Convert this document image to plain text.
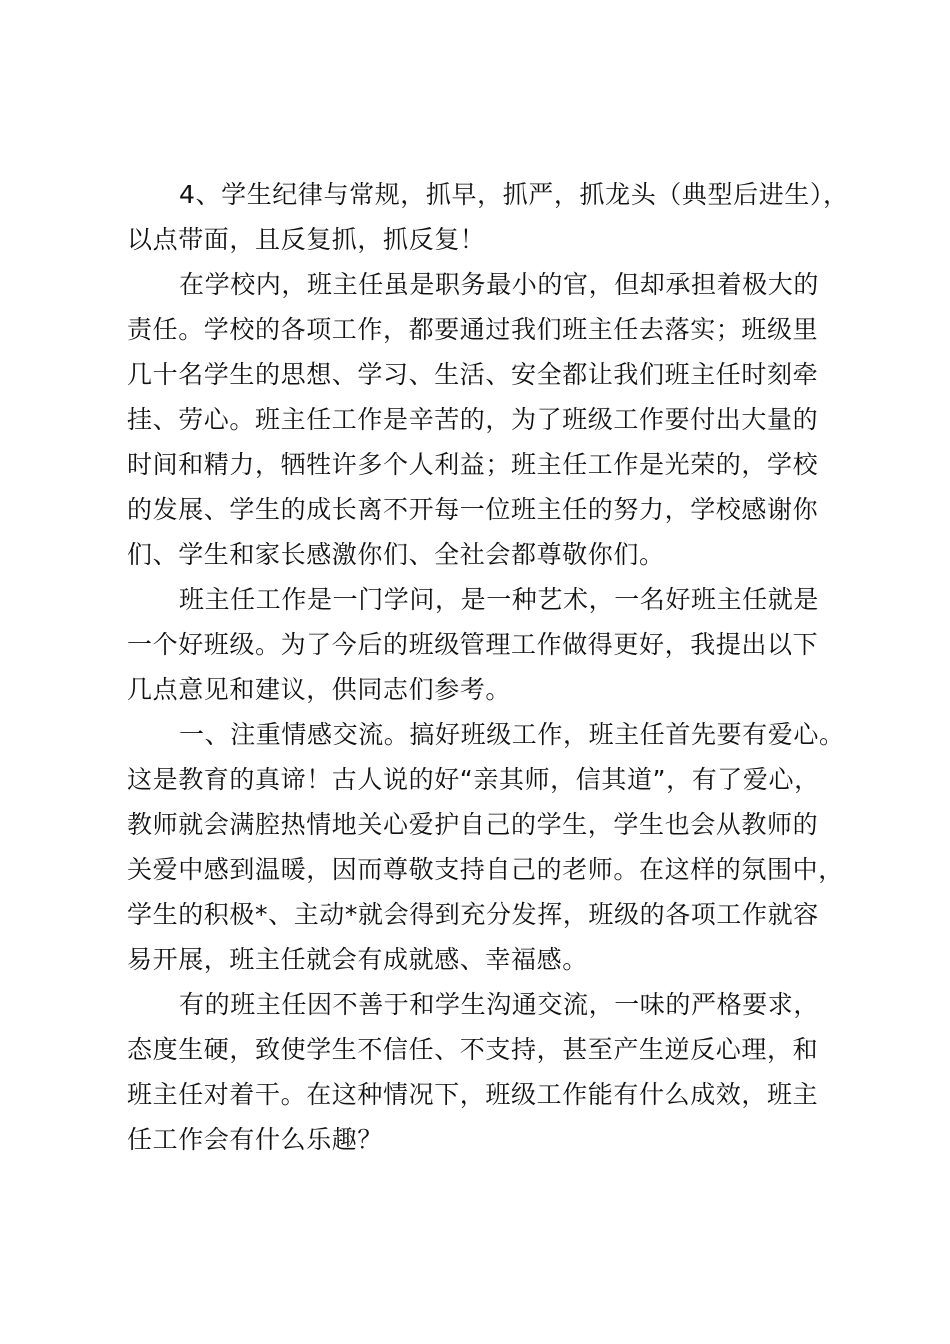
4、学生纪律与常规，抓早，抓严，抓龙头（典型后进生），
以点带面，且反复抓，抓反复！
在学校内，班主任虽是职务最小的官，但却承担着极大的
责任。学校的各项工作，都要通过我们班主任去落实；班级里
几十名学生的思想、学习、生活、安全都让我们班主任时刻牵
挂、劳心。班主任工作是辛苦的，为了班级工作要付出大量的
时间和精力，牺牲许多个人利益；班主任工作是光荣的，学校
的发展、学生的成长离不开每一位班主任的努力，学校感谢你
们、学生和家长感激你们、全社会都尊敬你们。
班主任工作是一门学问，是一种艺术，一名好班主任就是
一个好班级。为了今后的班级管理工作做得更好，我提出以下
几点意见和建议，供同志们参考。
一、注重情感交流。搞好班级工作，班主任首先要有爱心。
这是教育的真谛！古人说的好“亲其师，信其道”，有了爱心，
教师就会满腔热情地关心爱护自己的学生，学生也会从教师的
关爱中感到温暖，因而尊敬支持自己的老师。在这样的氛围中，
学生的积极*、主动*就会得到充分发挥，班级的各项工作就容
易开展，班主任就会有成就感、幸福感。
有的班主任因不善于和学生沟通交流，一味的严格要求，
态度生硬，致使学生不信任、不支持，甚至产生逆反心理，和
班主任对着干。在这种情况下，班级工作能有什么成效，班主
任工作会有什么乐趣？
